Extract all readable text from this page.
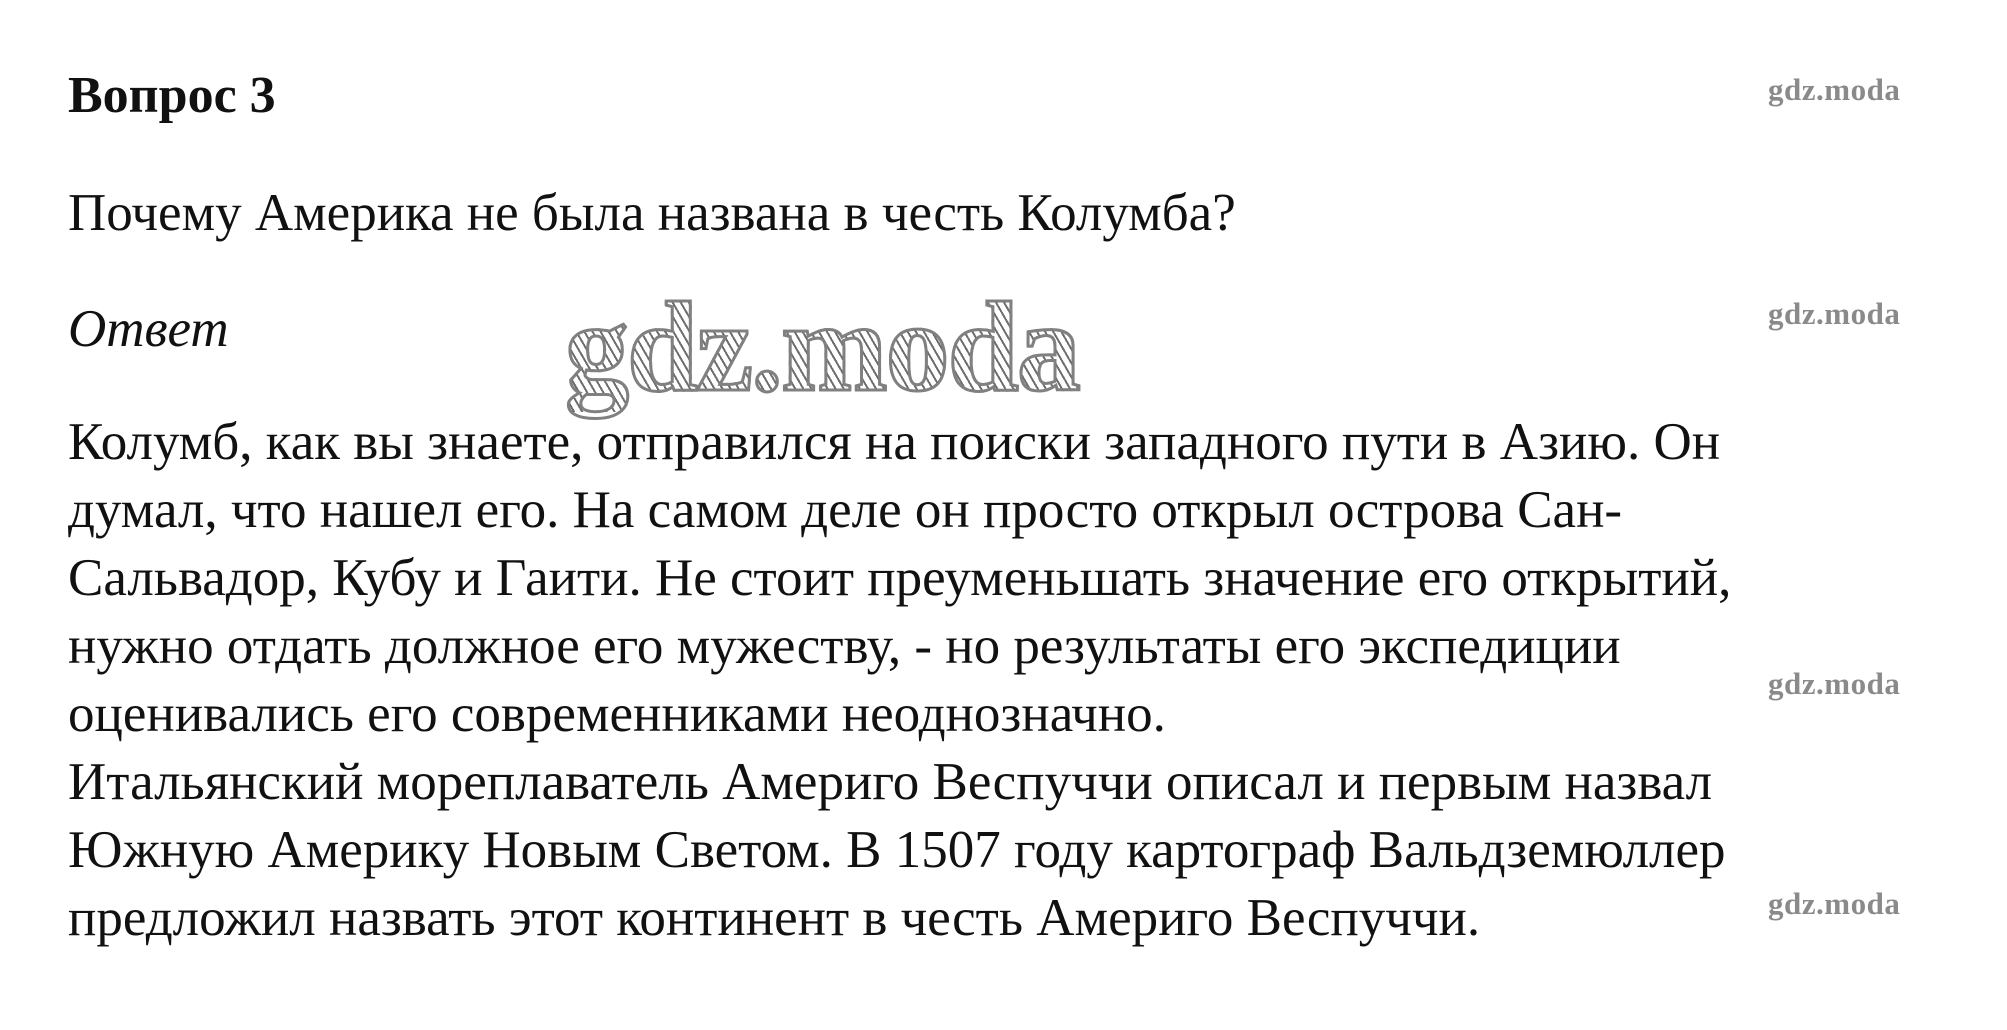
Вопрос 3

Почему Америка не была названа в честь Колумба?

Ответ

Колумб, как вы знаете, отправился на поиски западного пути в Азию. Он
думал, что нашел его. На самом деле он просто открыл острова Сан-
Сальвадор, Кубу и Гаити. Не стоит преуменьшать значение его открытий,
нужно отдать должное его мужеству, - но результаты его экспедиции
оценивались его современниками неоднозначно.
Итальянский мореплаватель Америго Веспуччи описал и первым назвал
Южную Америку Новым Светом. В 1507 году картограф Вальдземюллер
предложил назвать этот континент в честь Америго Веспуччи.
gdz.moda
gdz.moda
gdz.moda
gdz.moda
gdz.moda
